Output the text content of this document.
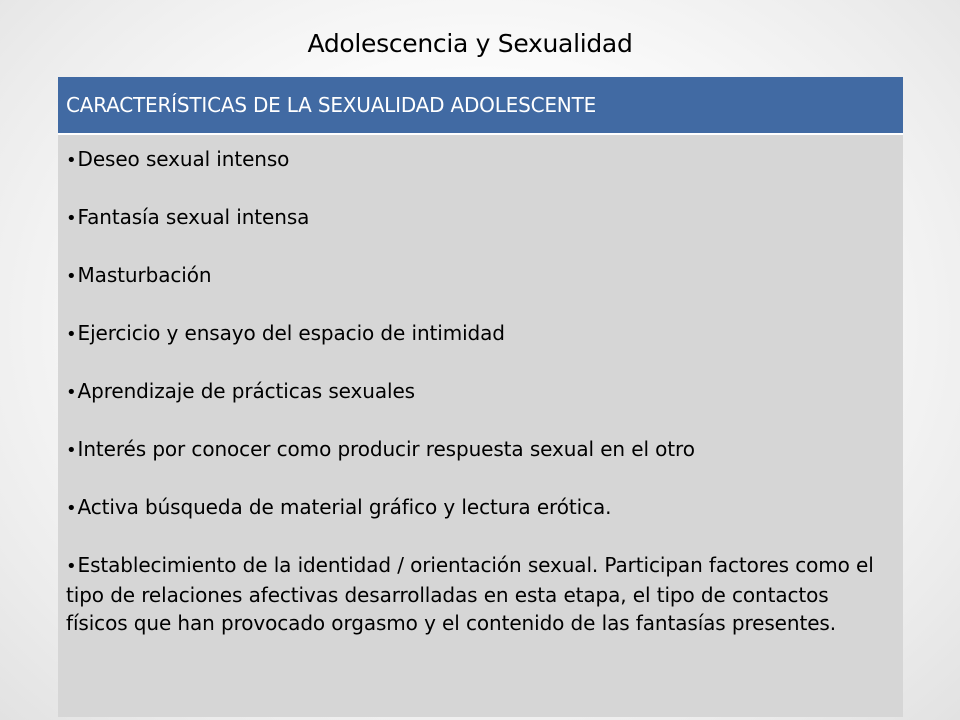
Adolescencia y Sexualidad
CARACTERÍSTICAS DE LA SEXUALIDAD ADOLESCENTE
•Deseo sexual intenso
•Fantasía sexual intensa
•Masturbación
•Ejercicio y ensayo del espacio de intimidad
•Aprendizaje de prácticas sexuales
•Interés por conocer como producir respuesta sexual en el otro
•Activa búsqueda de material gráfico y lectura erótica.
•Establecimiento de la identidad / orientación sexual. Participan factores como el tipo de relaciones afectivas desarrolladas en esta etapa, el tipo de contactos físicos que han provocado orgasmo y el contenido de las fantasías presentes.
